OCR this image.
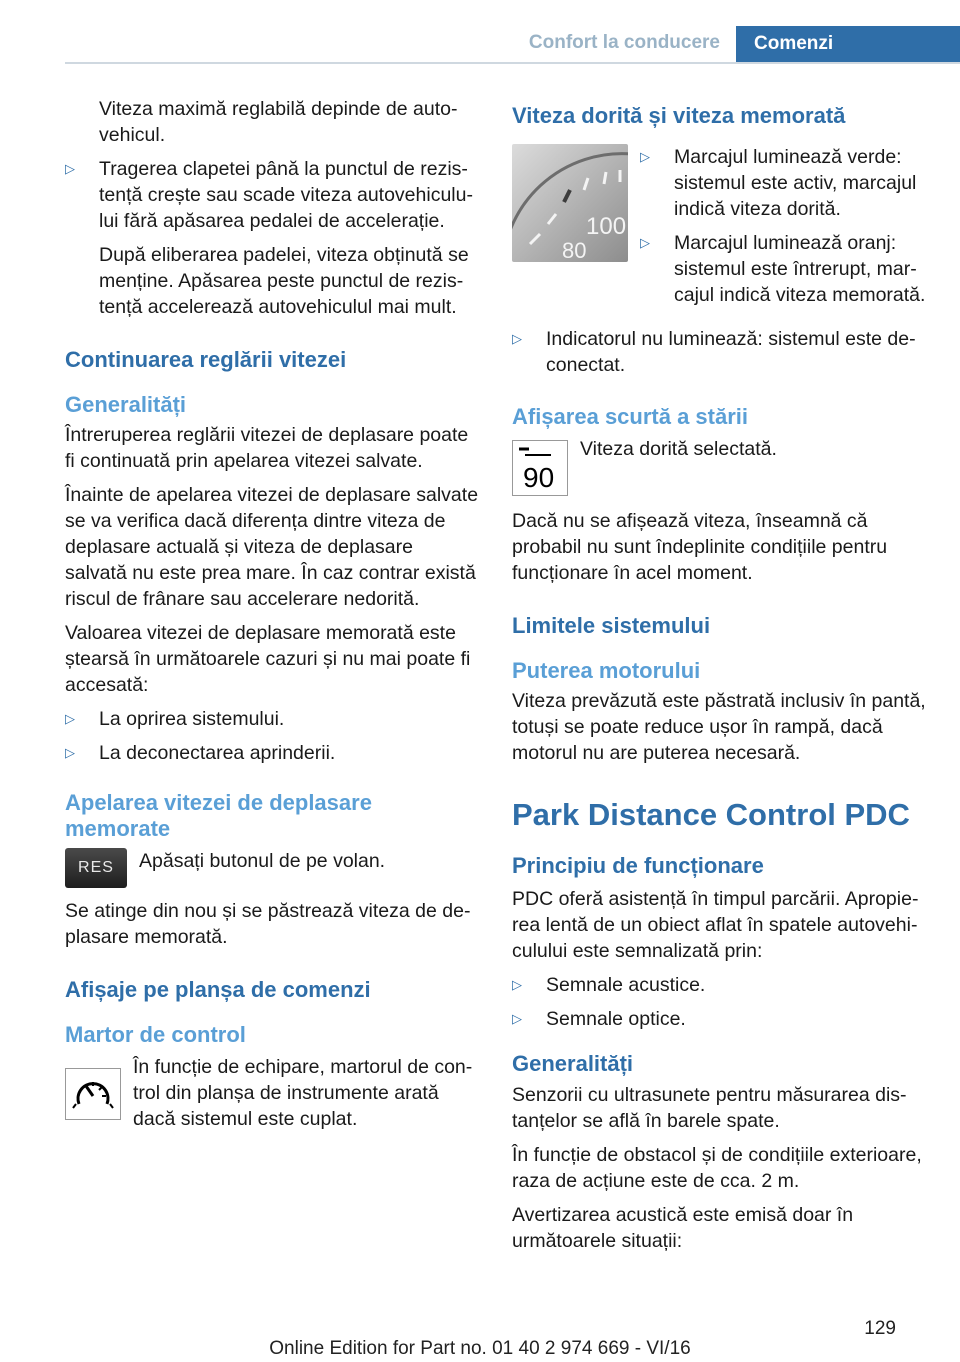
Confort la conducere	Comenzi

Viteza maximă reglabilă depinde de autovehicul.

▷	Tragerea clapetei până la punctul de rezistență crește sau scade viteza autovehiculului fără apăsarea pedalei de accelerație.

După eliberarea padelei, viteza obținută se menține. Apăsarea peste punctul de rezistență accelerează autovehiculul mai mult.

Continuarea reglării vitezei
Generalități

Întreruperea reglării vitezei de deplasare poate fi continuată prin apelarea vitezei salvate.

Înainte de apelarea vitezei de deplasare salvate se va verifica dacă diferența dintre viteza de deplasare actuală și viteza de deplasare salvată nu este prea mare. În caz contrar există riscul de frânare sau accelerare nedorită.

Valoarea vitezei de deplasare memorată este ștearsă în următoarele cazuri și nu mai poate fi accesată:

▷	La oprirea sistemului.
▷	La deconectarea aprinderii.
Apelarea vitezei de deplasare memorate
RES	Apăsați butonul de pe volan.

Se atinge din nou și se păstrează viteza de deplasare memorată.

Afișaje pe planșa de comenzi
Martor de control
În funcție de echipare, martorul de control din planșa de instrumente arată dacă sistemul este cuplat.
Viteza dorită și viteza memorată
100
80
▷	Marcajul luminează verde: sistemul este activ, marcajul indică viteza dorită.
▷	Marcajul luminează oranj: sistemul este întrerupt, marcajul indică viteza memorată.
▷	Indicatorul nu luminează: sistemul este deconectat.
Afișarea scurtă a stării
90
Viteza dorită selectată.

Dacă nu se afișează viteza, înseamnă că probabil nu sunt îndeplinite condițiile pentru funcționare în acel moment.

Limitele sistemului
Puterea motorului

Viteza prevăzută este păstrată inclusiv în pantă, totuși se poate reduce ușor în rampă, dacă motorul nu are puterea necesară.

Park Distance Control PDC
Principiu de funcționare

PDC oferă asistență în timpul parcării. Apropierea lentă de un obiect aflat în spatele autovehiculului este semnalizată prin:

▷	Semnale acustice.
▷	Semnale optice.
Generalități

Senzorii cu ultrasunete pentru măsurarea distanțelor se află în barele spate.

În funcție de obstacol și de condițiile exterioare, raza de acțiune este de cca. 2 m.

Avertizarea acustică este emisă doar în următoarele situații:

129
Online Edition for Part no. 01 40 2 974 669 - VI/16
